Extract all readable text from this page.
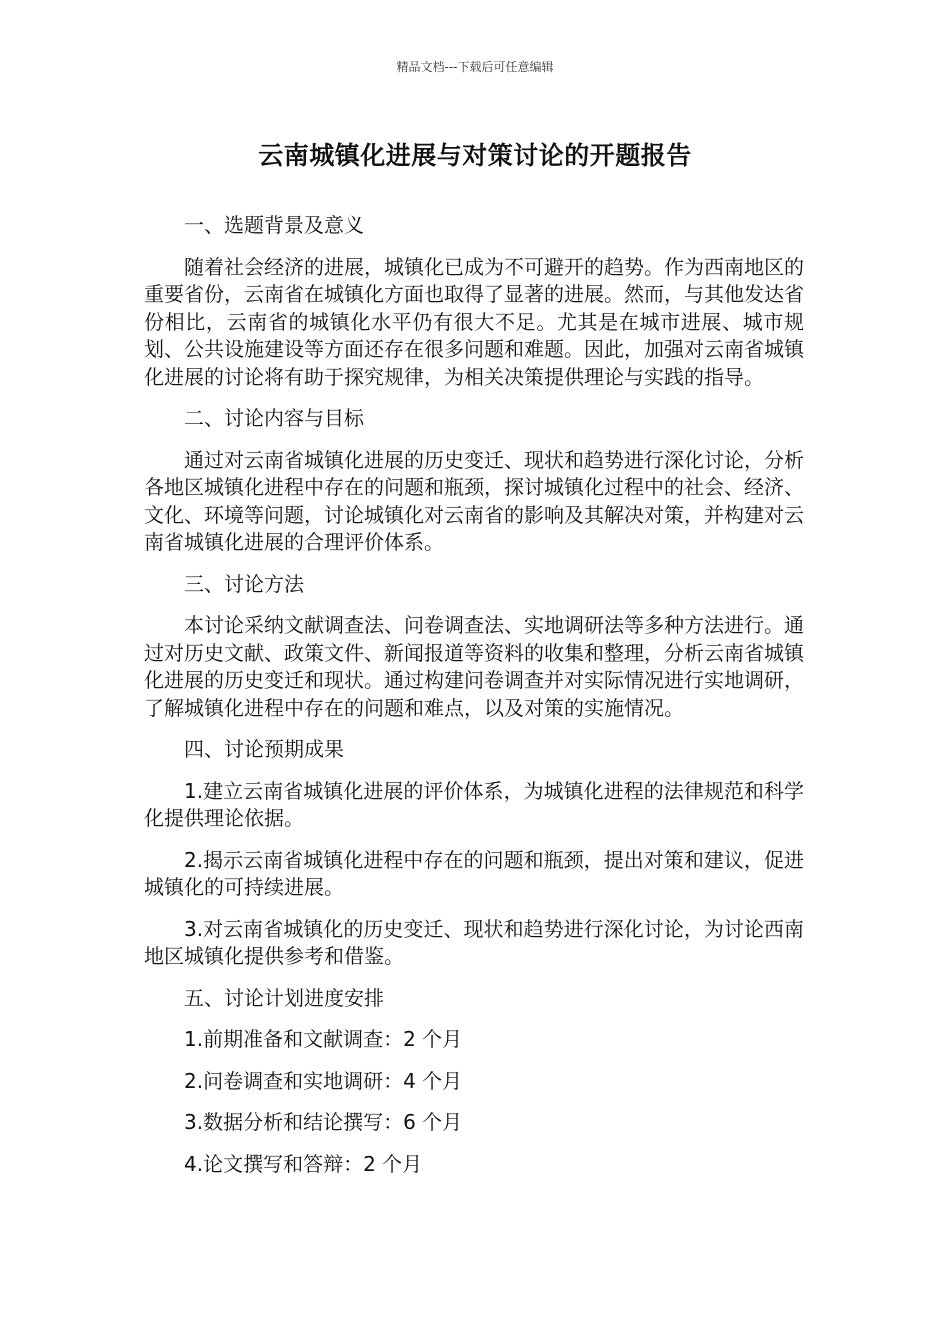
精品文档---下载后可任意编辑
云南城镇化进展与对策讨论的开题报告

一、选题背景及意义

随着社会经济的进展，城镇化已成为不可避开的趋势。作为西南地区的重要省份，云南省在城镇化方面也取得了显著的进展。然而，与其他发达省份相比，云南省的城镇化水平仍有很大不足。尤其是在城市进展、城市规划、公共设施建设等方面还存在很多问题和难题。因此，加强对云南省城镇化进展的讨论将有助于探究规律，为相关决策提供理论与实践的指导。

二、讨论内容与目标

通过对云南省城镇化进展的历史变迁、现状和趋势进行深化讨论，分析各地区城镇化进程中存在的问题和瓶颈，探讨城镇化过程中的社会、经济、文化、环境等问题，讨论城镇化对云南省的影响及其解决对策，并构建对云南省城镇化进展的合理评价体系。

三、讨论方法

本讨论采纳文献调查法、问卷调查法、实地调研法等多种方法进行。通过对历史文献、政策文件、新闻报道等资料的收集和整理，分析云南省城镇化进展的历史变迁和现状。通过构建问卷调查并对实际情况进行实地调研，了解城镇化进程中存在的问题和难点，以及对策的实施情况。

四、讨论预期成果

1.建立云南省城镇化进展的评价体系，为城镇化进程的法律规范和科学化提供理论依据。

2.揭示云南省城镇化进程中存在的问题和瓶颈，提出对策和建议，促进城镇化的可持续进展。

3.对云南省城镇化的历史变迁、现状和趋势进行深化讨论，为讨论西南地区城镇化提供参考和借鉴。

五、讨论计划进度安排

1.前期准备和文献调查：2 个月

2.问卷调查和实地调研：4 个月

3.数据分析和结论撰写：6 个月

4.论文撰写和答辩：2 个月
